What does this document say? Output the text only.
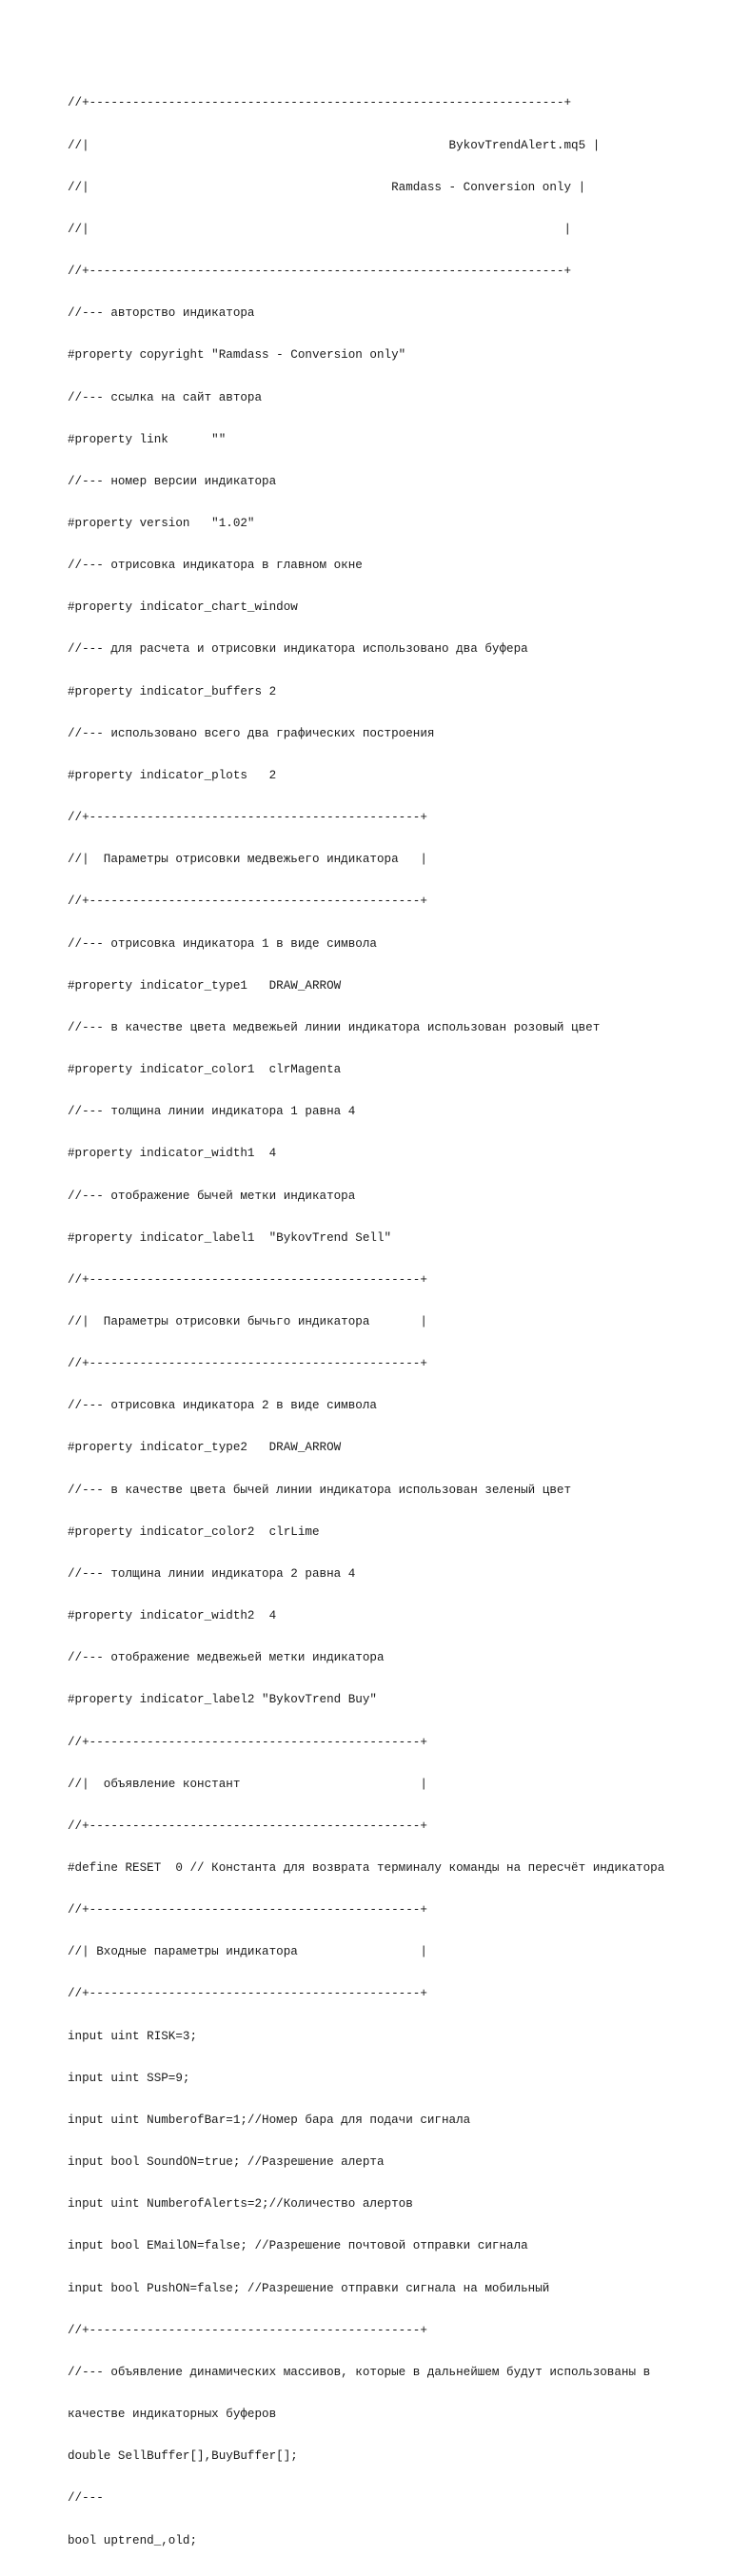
//+------------------------------------------------------------------+

//|                                                  BykovTrendAlert.mq5 |

//|                                          Ramdass - Conversion only |

//|                                                                  |

//+------------------------------------------------------------------+

//--- авторство индикатора

#property copyright "Ramdass - Conversion only"

//--- ссылка на сайт автора

#property link      ""

//--- номер версии индикатора

#property version   "1.02"

//--- отрисовка индикатора в главном окне

#property indicator_chart_window

//--- для расчета и отрисовки индикатора использовано два буфера

#property indicator_buffers 2

//--- использовано всего два графических построения

#property indicator_plots   2

//+----------------------------------------------+

//|  Параметры отрисовки медвежьего индикатора   |

//+----------------------------------------------+

//--- отрисовка индикатора 1 в виде символа

#property indicator_type1   DRAW_ARROW

//--- в качестве цвета медвежьей линии индикатора использован розовый цвет

#property indicator_color1  clrMagenta

//--- толщина линии индикатора 1 равна 4

#property indicator_width1  4

//--- отображение бычей метки индикатора

#property indicator_label1  "BykovTrend Sell"

//+----------------------------------------------+

//|  Параметры отрисовки бычьго индикатора       |

//+----------------------------------------------+

//--- отрисовка индикатора 2 в виде символа

#property indicator_type2   DRAW_ARROW

//--- в качестве цвета бычей линии индикатора использован зеленый цвет

#property indicator_color2  clrLime

//--- толщина линии индикатора 2 равна 4

#property indicator_width2  4

//--- отображение медвежьей метки индикатора

#property indicator_label2 "BykovTrend Buy"

//+----------------------------------------------+

//|  объявление констант                         |

//+----------------------------------------------+

#define RESET  0 // Константа для возврата терминалу команды на пересчёт индикатора

//+----------------------------------------------+

//| Входные параметры индикатора                 |

//+----------------------------------------------+

input uint RISK=3;

input uint SSP=9;

input uint NumberofBar=1;//Номер бара для подачи сигнала

input bool SoundON=true; //Разрешение алерта

input uint NumberofAlerts=2;//Количество алертов

input bool EMailON=false; //Разрешение почтовой отправки сигнала

input bool PushON=false; //Разрешение отправки сигнала на мобильный

//+----------------------------------------------+

//--- объявление динамических массивов, которые в дальнейшем будут использованы в

качестве индикаторных буферов

double SellBuffer[],BuyBuffer[];

//---

bool uptrend_,old;
